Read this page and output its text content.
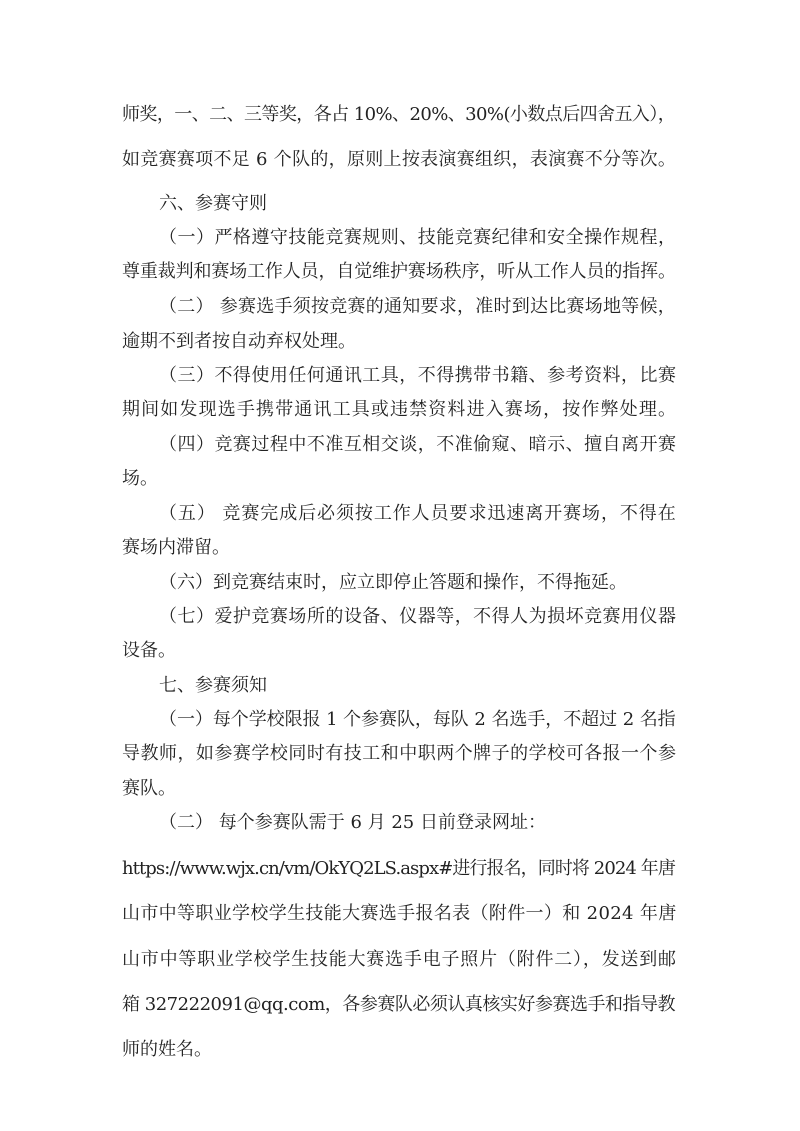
师奖，一、二、三等奖，各占 10%、20%、30%(小数点后四舍五入），
如竞赛赛项不足 6 个队的，原则上按表演赛组织，表演赛不分等次。
六、参赛守则
（一）严格遵守技能竞赛规则、技能竞赛纪律和安全操作规程，
尊重裁判和赛场工作人员，自觉维护赛场秩序，听从工作人员的指挥。
（二） 参赛选手须按竞赛的通知要求，准时到达比赛场地等候，
逾期不到者按自动弃权处理。
（三）不得使用任何通讯工具，不得携带书籍、参考资料，比赛
期间如发现选手携带通讯工具或违禁资料进入赛场，按作弊处理。
（四）竞赛过程中不准互相交谈，不准偷窥、暗示、擅自离开赛
场。
（五） 竞赛完成后必须按工作人员要求迅速离开赛场，不得在
赛场内滞留。
（六）到竞赛结束时，应立即停止答题和操作，不得拖延。
（七）爱护竞赛场所的设备、仪器等，不得人为损坏竞赛用仪器
设备。
七、参赛须知
（一）每个学校限报 1 个参赛队，每队 2 名选手，不超过 2 名指
导教师，如参赛学校同时有技工和中职两个牌子的学校可各报一个参
赛队。
（二） 每个参赛队需于 6 月 25 日前登录网址：
https://www.wjx.cn/vm/OkYQ2LS.aspx#进行报名，同时将 2024 年唐
山市中等职业学校学生技能大赛选手报名表（附件一）和 2024 年唐
山市中等职业学校学生技能大赛选手电子照片（附件二），发送到邮
箱 327222091@qq.com，各参赛队必须认真核实好参赛选手和指导教
师的姓名。
